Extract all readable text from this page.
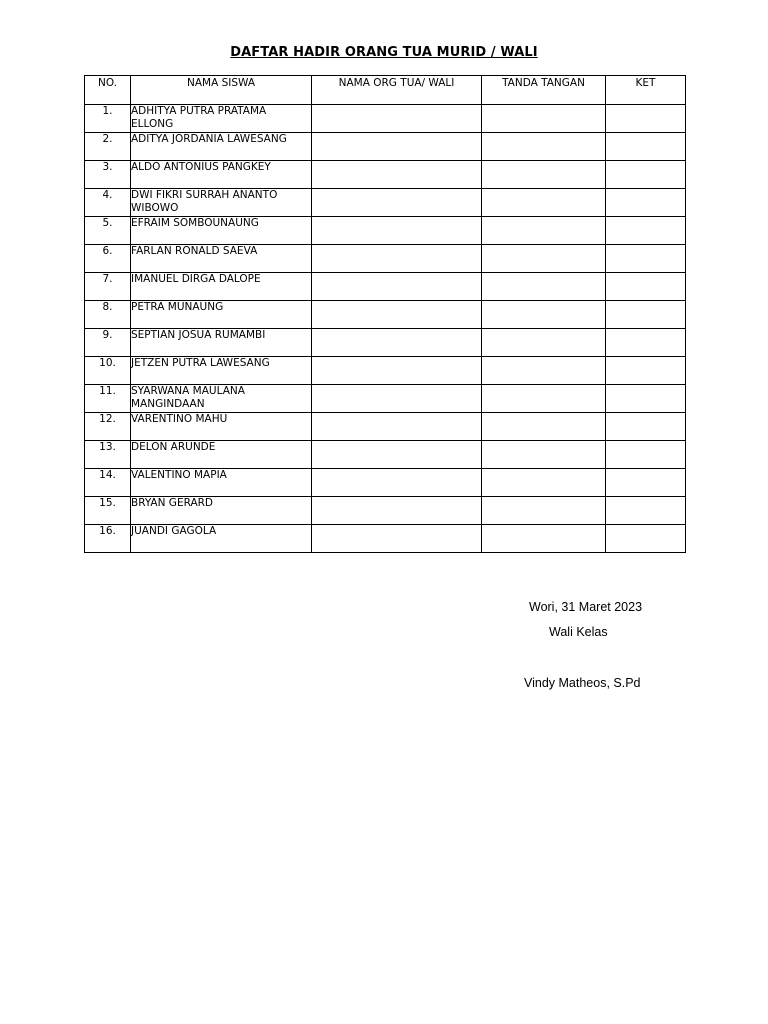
DAFTAR HADIR ORANG TUA MURID / WALI
NO.	NAMA SISWA	NAMA ORG TUA/ WALI	TANDA TANGAN	KET
1.	ADHITYA PUTRA PRATAMA ELLONG			
2.	ADITYA JORDANIA LAWESANG			
3.	ALDO ANTONIUS PANGKEY			
4.	DWI FIKRI SURRAH ANANTO WIBOWO			
5.	EFRAIM SOMBOUNAUNG			
6.	FARLAN RONALD SAEVA			
7.	IMANUEL DIRGA DALOPE			
8.	PETRA MUNAUNG			
9.	SEPTIAN JOSUA RUMAMBI			
10.	JETZEN PUTRA LAWESANG			
11.	SYARWANA MAULANA MANGINDAAN			
12.	VARENTINO MAHU			
13.	DELON ARUNDE			
14.	VALENTINO MAPIA			
15.	BRYAN GERARD			
16.	JUANDI GAGOLA			
Wori, 31 Maret 2023
Wali Kelas
Vindy Matheos, S.Pd
